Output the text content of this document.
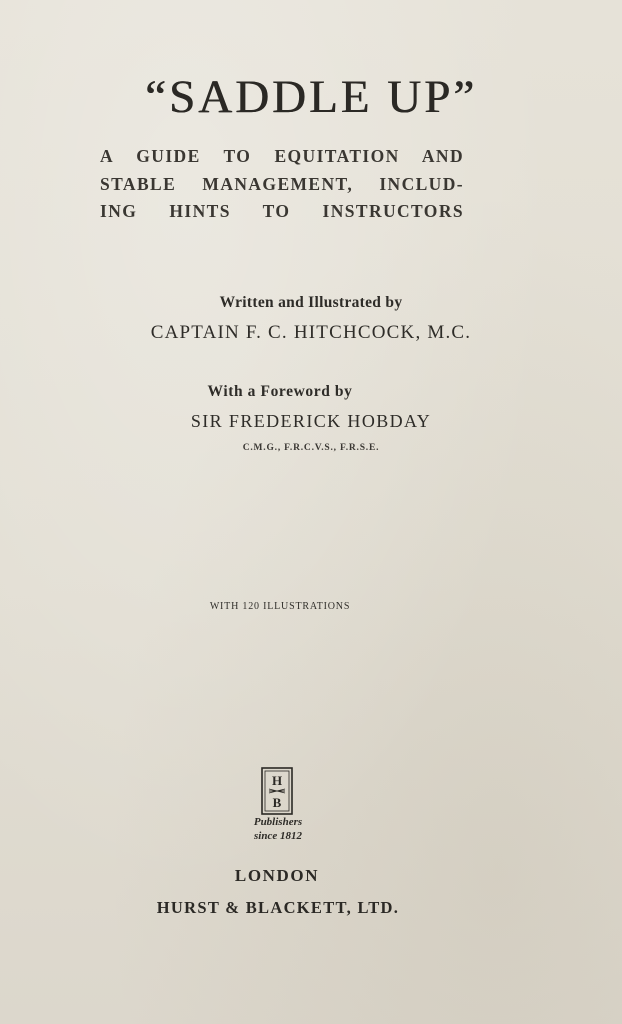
“SADDLE UP”
A GUIDE TO EQUITATION AND
STABLE MANAGEMENT, INCLUD-
ING HINTS TO INSTRUCTORS
Written and Illustrated by
CAPTAIN F. C. HITCHCOCK, M.C.
With a Foreword by
SIR FREDERICK HOBDAY
C.M.G., F.R.C.V.S., F.R.S.E.
WITH 120 ILLUSTRATIONS
H
B
Publishers
since 1812
LONDON
HURST & BLACKETT, LTD.
